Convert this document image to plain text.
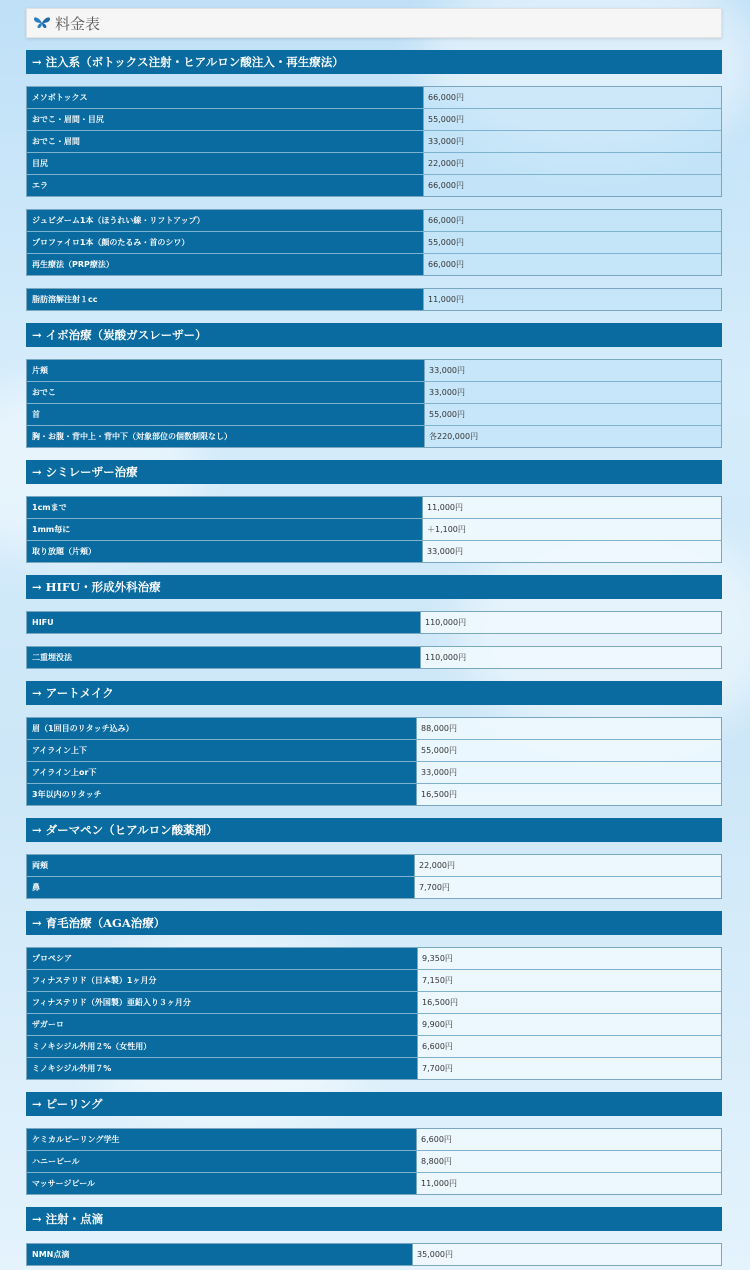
料金表
→ 注入系（ボトックス注射・ヒアルロン酸注入・再生療法）
メソボトックス	66,000円
おでこ・眉間・目尻	55,000円
おでこ・眉間	33,000円
目尻	22,000円
エラ	66,000円
ジュビダーム1本（ほうれい線・リフトアップ）	66,000円
プロファイロ1本（顔のたるみ・首のシワ）	55,000円
再生療法（PRP療法）	66,000円
脂肪溶解注射１cc	11,000円
→ イボ治療（炭酸ガスレーザー）
片頬	33,000円
おでこ	33,000円
首	55,000円
胸・お腹・背中上・背中下（対象部位の個数制限なし）	各220,000円
→ シミレーザー治療
1cmまで	11,000円
1mm毎に	＋1,100円
取り放題（片頬）	33,000円
→ HIFU・形成外科治療
HIFU	110,000円
二重埋没法	110,000円
→ アートメイク
眉（1回目のリタッチ込み）	88,000円
アイライン上下	55,000円
アイライン上or下	33,000円
3年以内のリタッチ	16,500円
→ ダーマペン（ヒアルロン酸薬剤）
両頬	22,000円
鼻	7,700円
→ 育毛治療（AGA治療）
プロペシア	9,350円
フィナステリド（日本製）1ヶ月分	7,150円
フィナステリド（外国製）亜鉛入り３ヶ月分	16,500円
ザガーロ	9,900円
ミノキシジル外用２%（女性用）	6,600円
ミノキシジル外用７%	7,700円
→ ピーリング
ケミカルピーリング学生	6,600円
ハニーピール	8,800円
マッサージピール	11,000円
→ 注射・点滴
NMN点滴	35,000円
